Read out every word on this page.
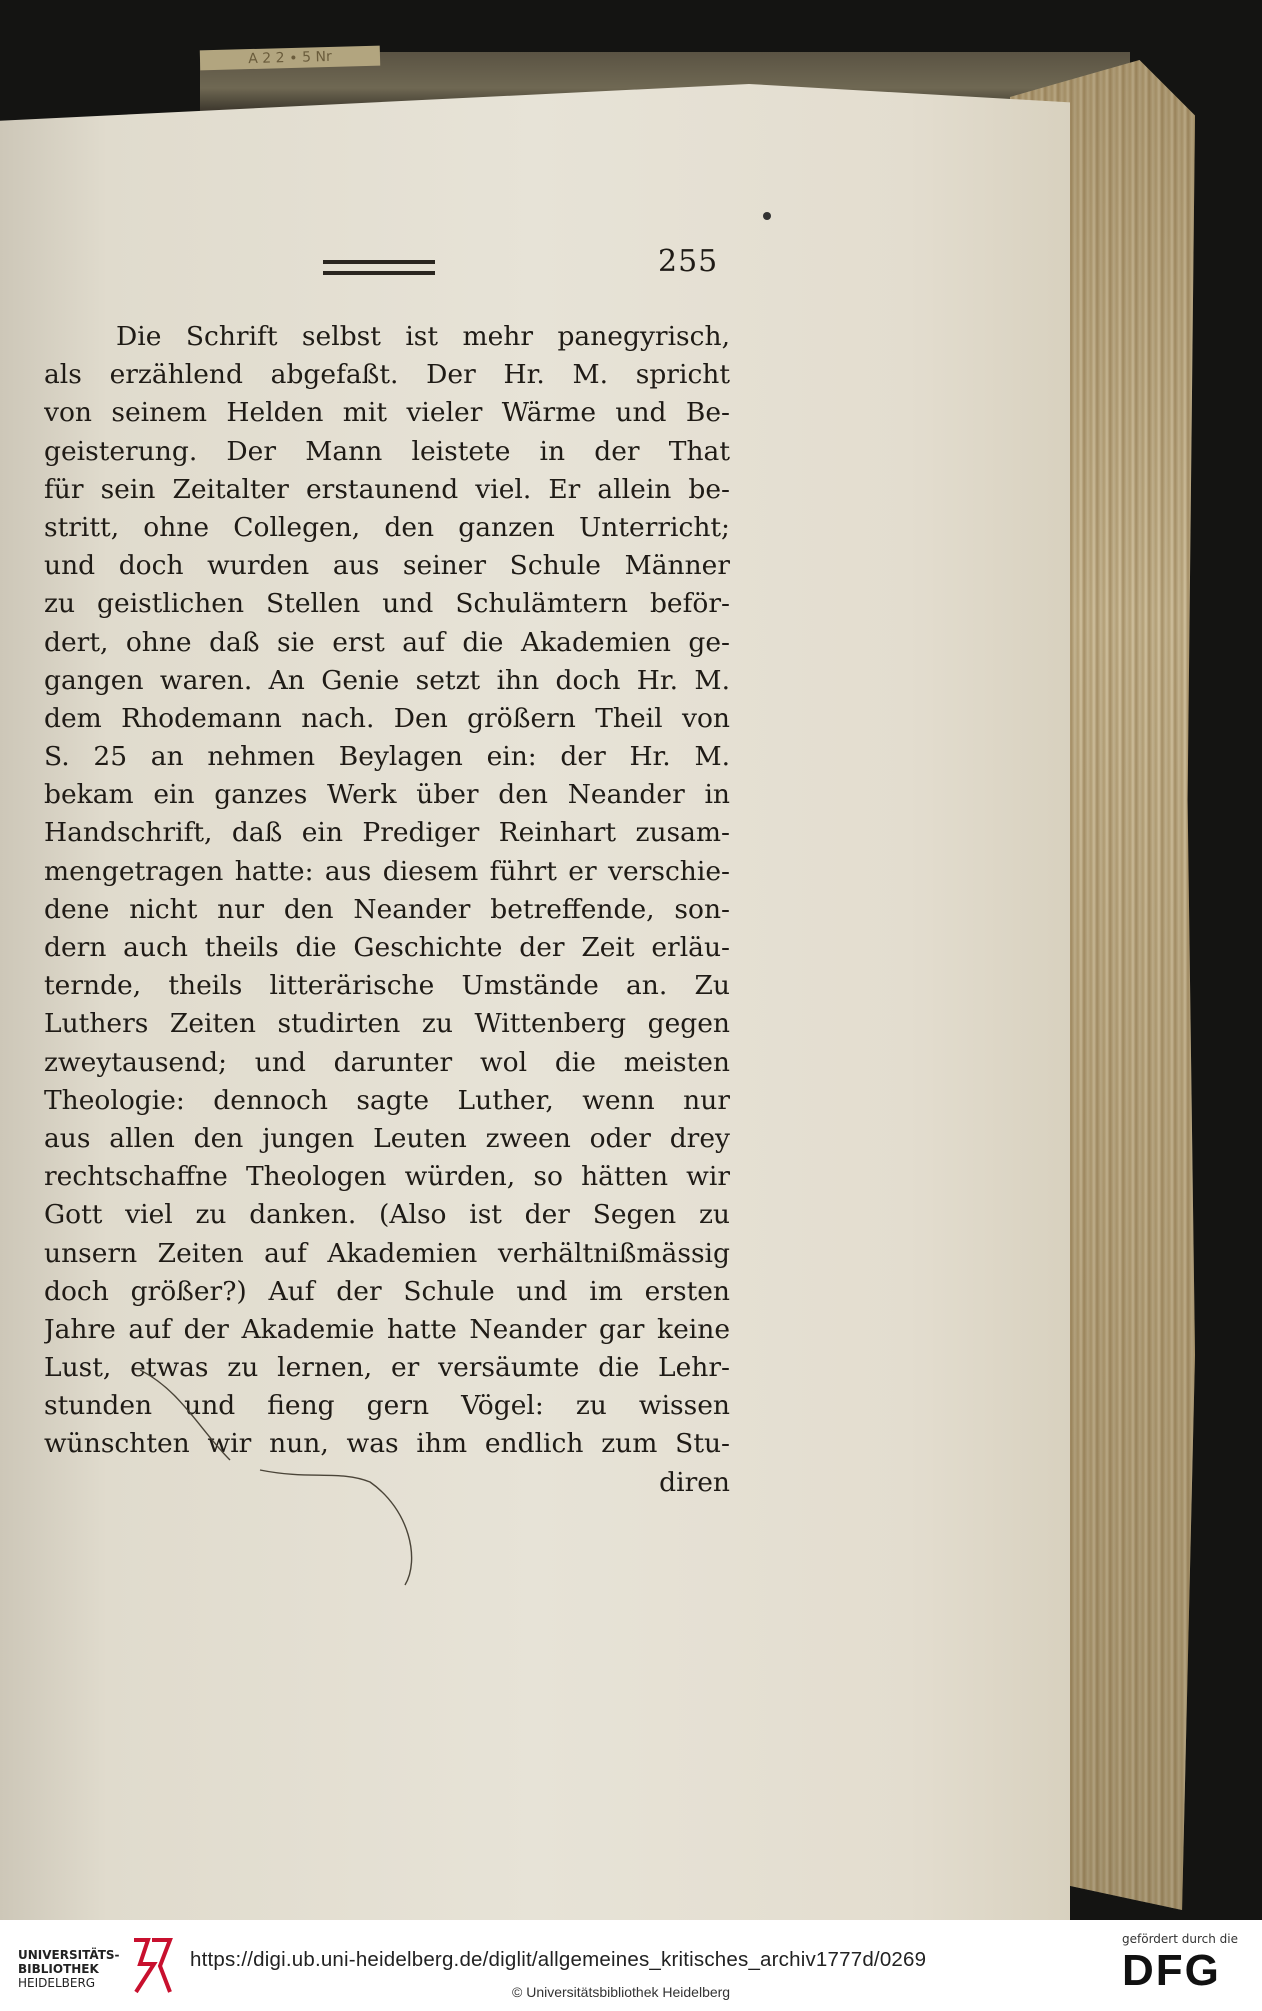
A 2 2 ∙ 5 Nr
255
Die Schrift selbst ist mehr panegyrisch,
als erzählend abgefaßt. Der Hr. M. spricht
von seinem Helden mit vieler Wärme und Be-
geisterung. Der Mann leistete in der That
für sein Zeitalter erstaunend viel. Er allein be-
stritt, ohne Collegen, den ganzen Unterricht;
und doch wurden aus seiner Schule Männer
zu geistlichen Stellen und Schulämtern beför-
dert, ohne daß sie erst auf die Akademien ge-
gangen waren. An Genie setzt ihn doch Hr. M.
dem Rhodemann nach. Den größern Theil von
S. 25 an nehmen Beylagen ein: der Hr. M.
bekam ein ganzes Werk über den Neander in
Handschrift, daß ein Prediger Reinhart zusam-
mengetragen hatte: aus diesem führt er verschie-
dene nicht nur den Neander betreffende, son-
dern auch theils die Geschichte der Zeit erläu-
ternde, theils litterärische Umstände an. Zu
Luthers Zeiten studirten zu Wittenberg gegen
zweytausend; und darunter wol die meisten
Theologie: dennoch sagte Luther, wenn nur
aus allen den jungen Leuten zween oder drey
rechtschaffne Theologen würden, so hätten wir
Gott viel zu danken. (Also ist der Segen zu
unsern Zeiten auf Akademien verhältnißmässig
doch größer?) Auf der Schule und im ersten
Jahre auf der Akademie hatte Neander gar keine
Lust, etwas zu lernen, er versäumte die Lehr-
stunden und fieng gern Vögel: zu wissen
wünschten wir nun, was ihm endlich zum Stu-
diren
UNIVERSITÄTS-
BIBLIOTHEK
HEIDELBERG
https://digi.ub.uni-heidelberg.de/diglit/allgemeines_kritisches_archiv1777d/0269
© Universitätsbibliothek Heidelberg
gefördert durch die
DFG
